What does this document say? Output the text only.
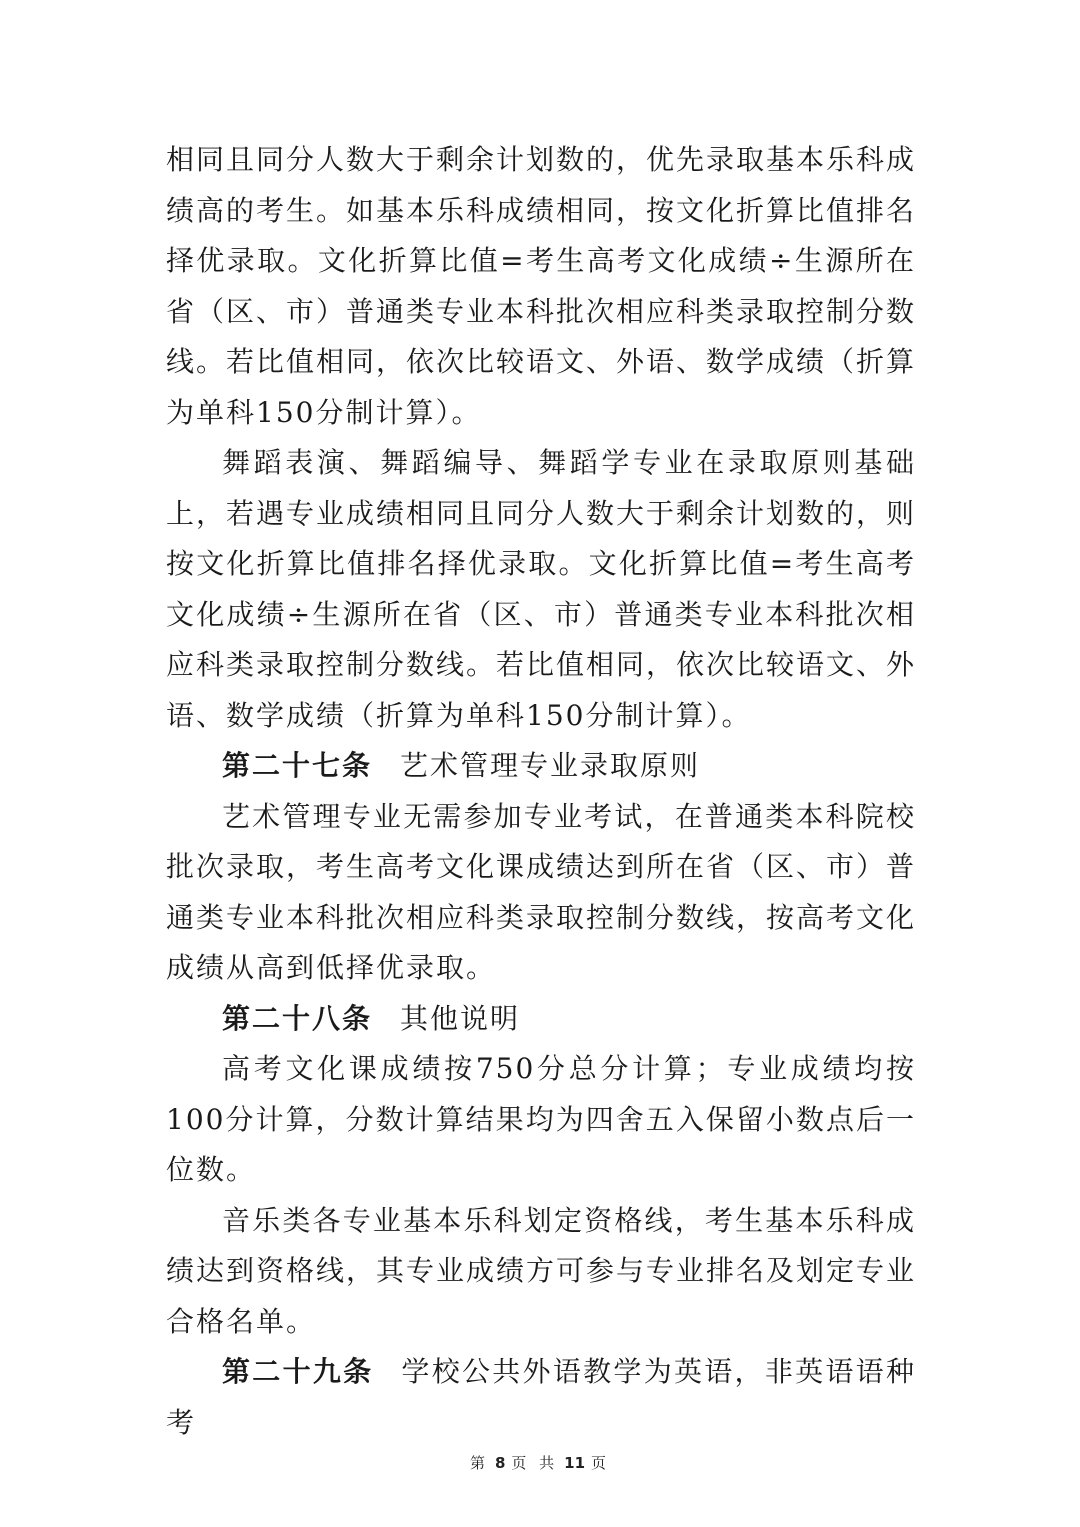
相同且同分人数大于剩余计划数的，优先录取基本乐科成绩高的考生。如基本乐科成绩相同，按文化折算比值排名择优录取。文化折算比值=考生高考文化成绩÷生源所在省（区、市）普通类专业本科批次相应科类录取控制分数线。若比值相同，依次比较语文、外语、数学成绩（折算为单科150分制计算）。

舞蹈表演、舞蹈编导、舞蹈学专业在录取原则基础上，若遇专业成绩相同且同分人数大于剩余计划数的，则按文化折算比值排名择优录取。文化折算比值=考生高考文化成绩÷生源所在省（区、市）普通类专业本科批次相应科类录取控制分数线。若比值相同，依次比较语文、外语、数学成绩（折算为单科150分制计算）。

第二十七条 艺术管理专业录取原则

艺术管理专业无需参加专业考试，在普通类本科院校批次录取，考生高考文化课成绩达到所在省（区、市）普通类专业本科批次相应科类录取控制分数线，按高考文化成绩从高到低择优录取。

第二十八条 其他说明

高考文化课成绩按750分总分计算；专业成绩均按100分计算，分数计算结果均为四舍五入保留小数点后一位数。

音乐类各专业基本乐科划定资格线，考生基本乐科成绩达到资格线，其专业成绩方可参与专业排名及划定专业合格名单。

第二十九条 学校公共外语教学为英语，非英语语种考

第 8 页 共 11 页
